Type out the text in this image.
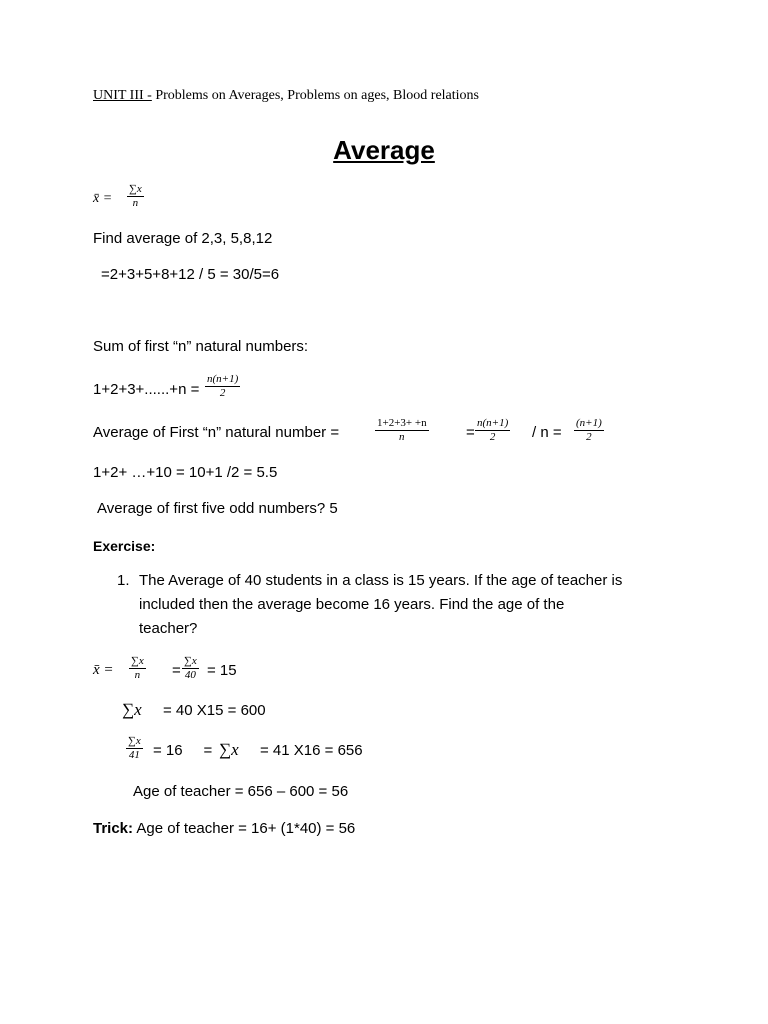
UNIT III - Problems on Averages, Problems on ages, Blood relations
Average
x̄ = $\frac{\sum x}{n}$
Find average of 2,3, 5,8,12
=2+3+5+8+12 / 5 = 30/5=6
Sum of first “n” natural numbers:
$1+2+3+......+n = \frac{n(n+1)}{2}$
Average of First “n” natural number =	$\frac{1+2+3+ +n}{n} = \frac{n(n+1)}{2} / n = \frac{(n+1)}{2}$
1+2+ …+10 = 10+1 /2 = 5.5
Average of first five odd numbers? 5
Exercise:
1. The Average of 40 students in a class is 15 years. If the age of teacher is
included then the average become 16 years. Find the age of the
teacher?
x̄ = $\frac{\sum x}{n} = \frac{\sum x}{40} = 15$
∑x = 40 X15 = 600
$\frac{\sum x}{41} = 16$     = ∑x = 41 X16 = 656
Age of teacher = 656 – 600 = 56
Trick: Age of teacher = 16+ (1*40) = 56
